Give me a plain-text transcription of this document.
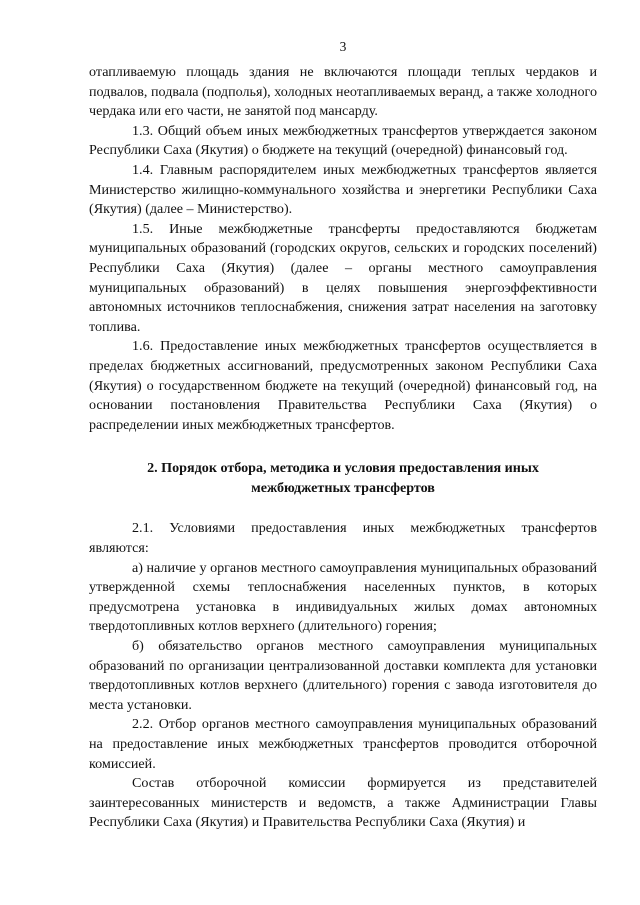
3

отапливаемую площадь здания не включаются площади теплых чердаков и подвалов, подвала (подполья), холодных неотапливаемых веранд, а также холодного чердака или его части, не занятой под мансарду.

1.3. Общий объем иных межбюджетных трансфертов утверждается законом Республики Саха (Якутия) о бюджете на текущий (очередной) финансовый год.

1.4. Главным распорядителем иных межбюджетных трансфертов является Министерство жилищно-коммунального хозяйства и энергетики Республики Саха (Якутия) (далее – Министерство).

1.5. Иные межбюджетные трансферты предоставляются бюджетам муниципальных образований (городских округов, сельских и городских поселений) Республики Саха (Якутия) (далее – органы местного самоуправления муниципальных образований) в целях повышения энергоэффективности автономных источников теплоснабжения, снижения затрат населения на заготовку топлива.

1.6. Предоставление иных межбюджетных трансфертов осуществляется в пределах бюджетных ассигнований, предусмотренных законом Республики Саха (Якутия) о государственном бюджете на текущий (очередной) финансовый год, на основании постановления Правительства Республики Саха (Якутия) о распределении иных межбюджетных трансфертов.

2. Порядок отбора, методика и условия предоставления иных
межбюджетных трансфертов

2.1. Условиями предоставления иных межбюджетных трансфертов являются:

а) наличие у органов местного самоуправления муниципальных образований утвержденной схемы теплоснабжения населенных пунктов, в которых предусмотрена установка в индивидуальных жилых домах автономных твердотопливных котлов верхнего (длительного) горения;

б) обязательство органов местного самоуправления муниципальных образований по организации централизованной доставки комплекта для установки твердотопливных котлов верхнего (длительного) горения с завода изготовителя до места установки.

2.2. Отбор органов местного самоуправления муниципальных образований на предоставление иных межбюджетных трансфертов проводится отборочной комиссией.

Состав отборочной комиссии формируется из представителей заинтересованных министерств и ведомств, а также Администрации Главы Республики Саха (Якутия) и Правительства Республики Саха (Якутия) и
